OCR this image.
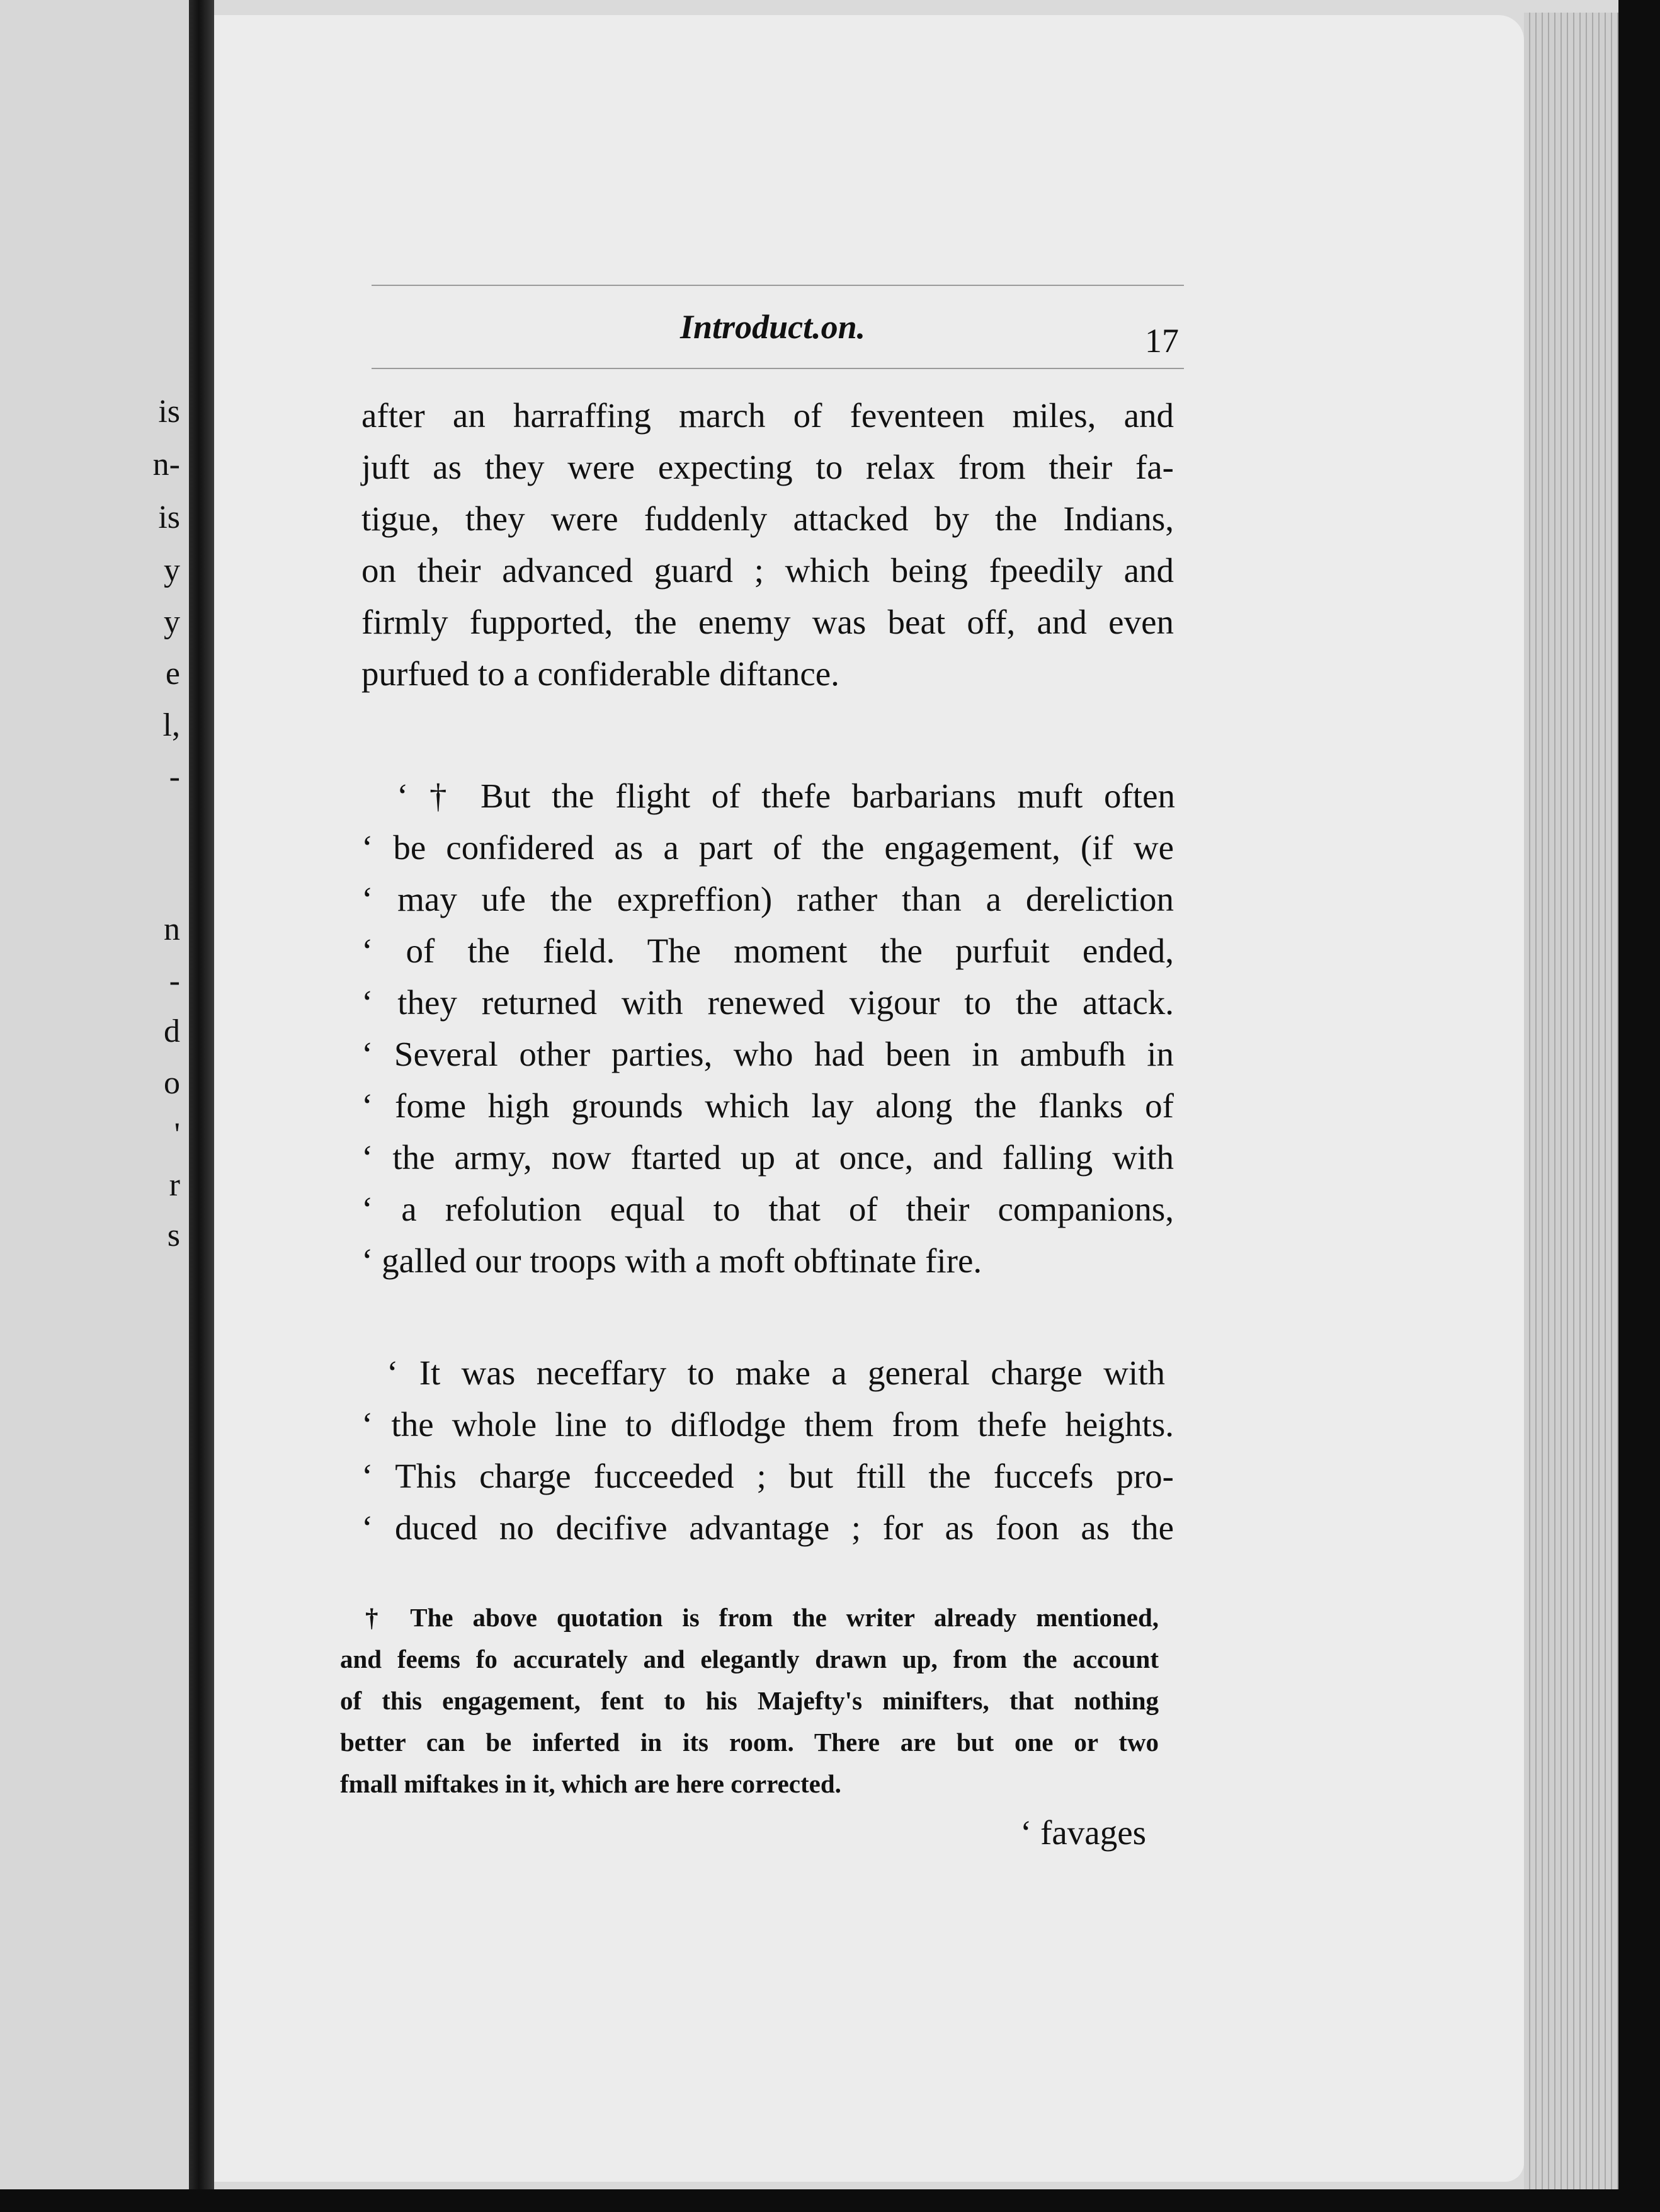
is
n-
is
y
y
e
l,
-
n
-
d
o
'
r
s
Introduct.on.	17
after an harraffing march of feventeen miles, and
juft as they were expecting to relax from their fa-
tigue, they were fuddenly attacked by the Indians,
on their advanced guard ; which being fpeedily and
firmly fupported, the enemy was beat off, and even
purfued to a confiderable diftance.
‘ † But the flight of thefe barbarians muft often
‘ be confidered as a part of the engagement, (if we
‘ may ufe the expreffion) rather than a dereliction
‘ of the field. The moment the purfuit ended,
‘ they returned with renewed vigour to the attack.
‘ Several other parties, who had been in ambufh in
‘ fome high grounds which lay along the flanks of
‘ the army, now ftarted up at once, and falling with
‘ a refolution equal to that of their companions,
‘ galled our troops with a moft obftinate fire.
‘ It was neceffary to make a general charge with
‘ the whole line to diflodge them from thefe heights.
‘ This charge fucceeded ; but ftill the fuccefs pro-
‘ duced no decifive advantage ; for as foon as the
† The above quotation is from the writer already mentioned,
and feems fo accurately and elegantly drawn up, from the account
of this engagement, fent to his Majefty's minifters, that nothing
better can be inferted in its room. There are but one or two
fmall miftakes in it, which are here corrected.
‘ favages
